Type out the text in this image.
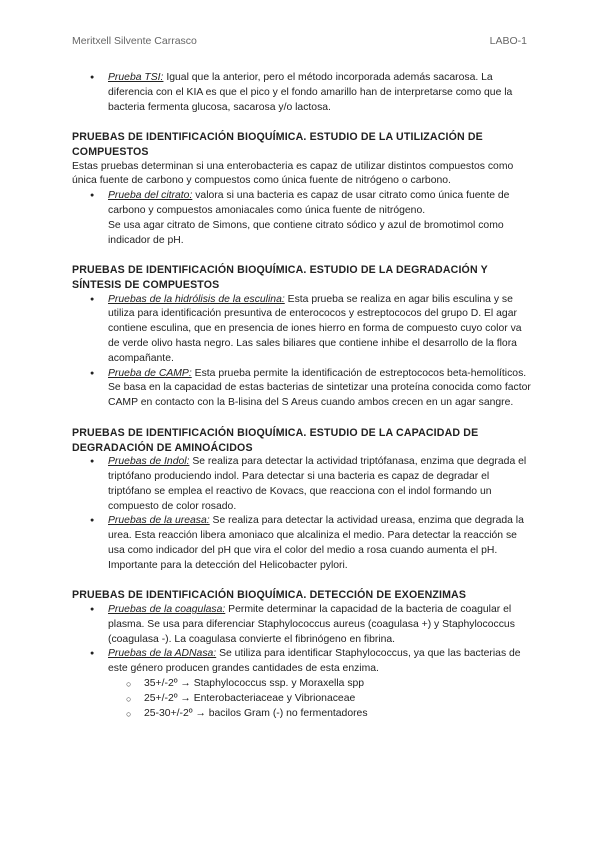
Meritxell Silvente Carrasco	LABO-1
● Prueba TSI: Igual que la anterior, pero el método incorporada además sacarosa. La diferencia con el KIA es que el pico y el fondo amarillo han de interpretarse como que la bacteria fermenta glucosa, sacarosa y/o lactosa.

PRUEBAS DE IDENTIFICACIÓN BIOQUÍMICA. ESTUDIO DE LA UTILIZACIÓN DE COMPUESTOS

Estas pruebas determinan si una enterobacteria es capaz de utilizar distintos compuestos como única fuente de carbono y compuestos como única fuente de nitrógeno o carbono.

● Prueba del citrato: valora si una bacteria es capaz de usar citrato como única fuente de carbono y compuestos amoniacales como única fuente de nitrógeno.
Se usa agar citrato de Simons, que contiene citrato sódico y azul de bromotimol como indicador de pH.

PRUEBAS DE IDENTIFICACIÓN BIOQUÍMICA. ESTUDIO DE LA DEGRADACIÓN Y SÍNTESIS DE COMPUESTOS

● Pruebas de la hidrólisis de la esculina: Esta prueba se realiza en agar bilis esculina y se utiliza para identificación presuntiva de enterococos y estreptococos del grupo D. El agar contiene esculina, que en presencia de iones hierro en forma de compuesto cuyo color va de verde olivo hasta negro. Las sales biliares que contiene inhibe el desarrollo de la flora acompañante.
● Prueba de CAMP: Esta prueba permite la identificación de estreptococos beta-hemolíticos. Se basa en la capacidad de estas bacterias de sintetizar una proteína conocida como factor CAMP en contacto con la B-lisina del S Areus cuando ambos crecen en un agar sangre.

PRUEBAS DE IDENTIFICACIÓN BIOQUÍMICA. ESTUDIO DE LA CAPACIDAD DE DEGRADACIÓN DE AMINOÁCIDOS

● Pruebas de Indol: Se realiza para detectar la actividad triptófanasa, enzima que degrada el triptófano produciendo indol. Para detectar si una bacteria es capaz de degradar el triptófano se emplea el reactivo de Kovacs, que reacciona con el indol formando un compuesto de color rosado.
● Pruebas de la ureasa: Se realiza para detectar la actividad ureasa, enzima que degrada la urea. Esta reacción libera amoniaco que alcaliniza el medio. Para detectar la reacción se usa como indicador del pH que vira el color del medio a rosa cuando aumenta el pH. Importante para la detección del Helicobacter pylori.

PRUEBAS DE IDENTIFICACIÓN BIOQUÍMICA. DETECCIÓN DE EXOENZIMAS

● Pruebas de la coagulasa: Permite determinar la capacidad de la bacteria de coagular el plasma. Se usa para diferenciar Staphylococcus aureus (coagulasa +) y Staphylococcus (coagulasa -). La coagulasa convierte el fibrinógeno en fibrina.
● Pruebas de la ADNasa: Se utiliza para identificar Staphylococcus, ya que las bacterias de este género producen grandes cantidades de esta enzima.
○ 35+/-2º → Staphylococcus ssp. y Moraxella spp
○ 25+/-2º → Enterobacteriaceae y Vibrionaceae
○ 25-30+/-2º → bacilos Gram (-) no fermentadores
